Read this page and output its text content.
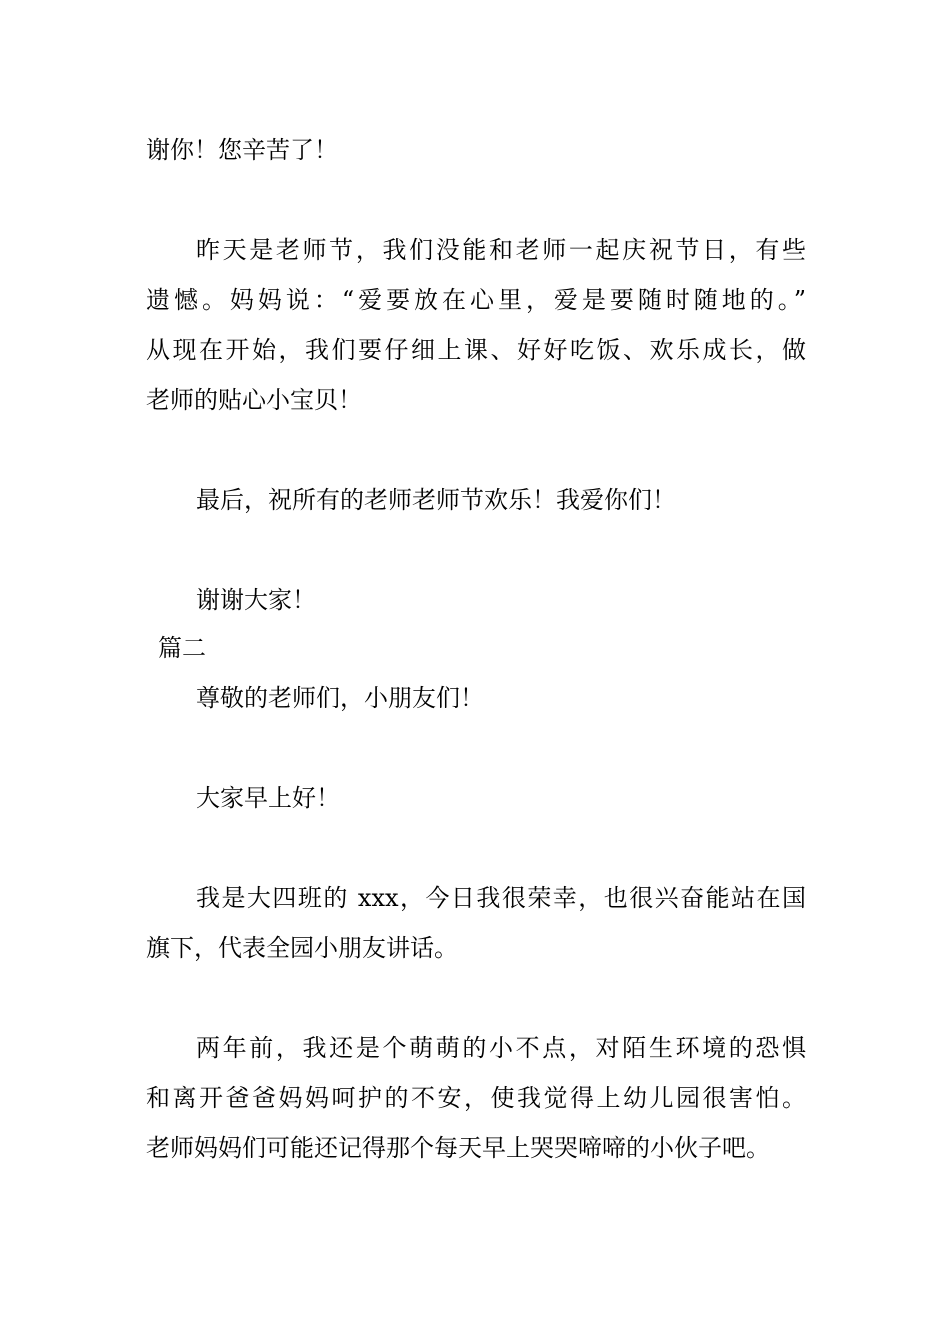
谢你！您辛苦了！
昨天是老师节，我们没能和老师一起庆祝节日，有些
遗憾。妈妈说：“爱要放在心里，爱是要随时随地的。”
从现在开始，我们要仔细上课、好好吃饭、欢乐成长，做
老师的贴心小宝贝！
最后，祝所有的老师老师节欢乐！我爱你们！
谢谢大家！
篇二
尊敬的老师们，小朋友们！
大家早上好！
我是大四班的 xxx，今日我很荣幸，也很兴奋能站在国
旗下，代表全园小朋友讲话。
两年前，我还是个萌萌的小不点，对陌生环境的恐惧
和离开爸爸妈妈呵护的不安，使我觉得上幼儿园很害怕。
老师妈妈们可能还记得那个每天早上哭哭啼啼的小伙子吧。
